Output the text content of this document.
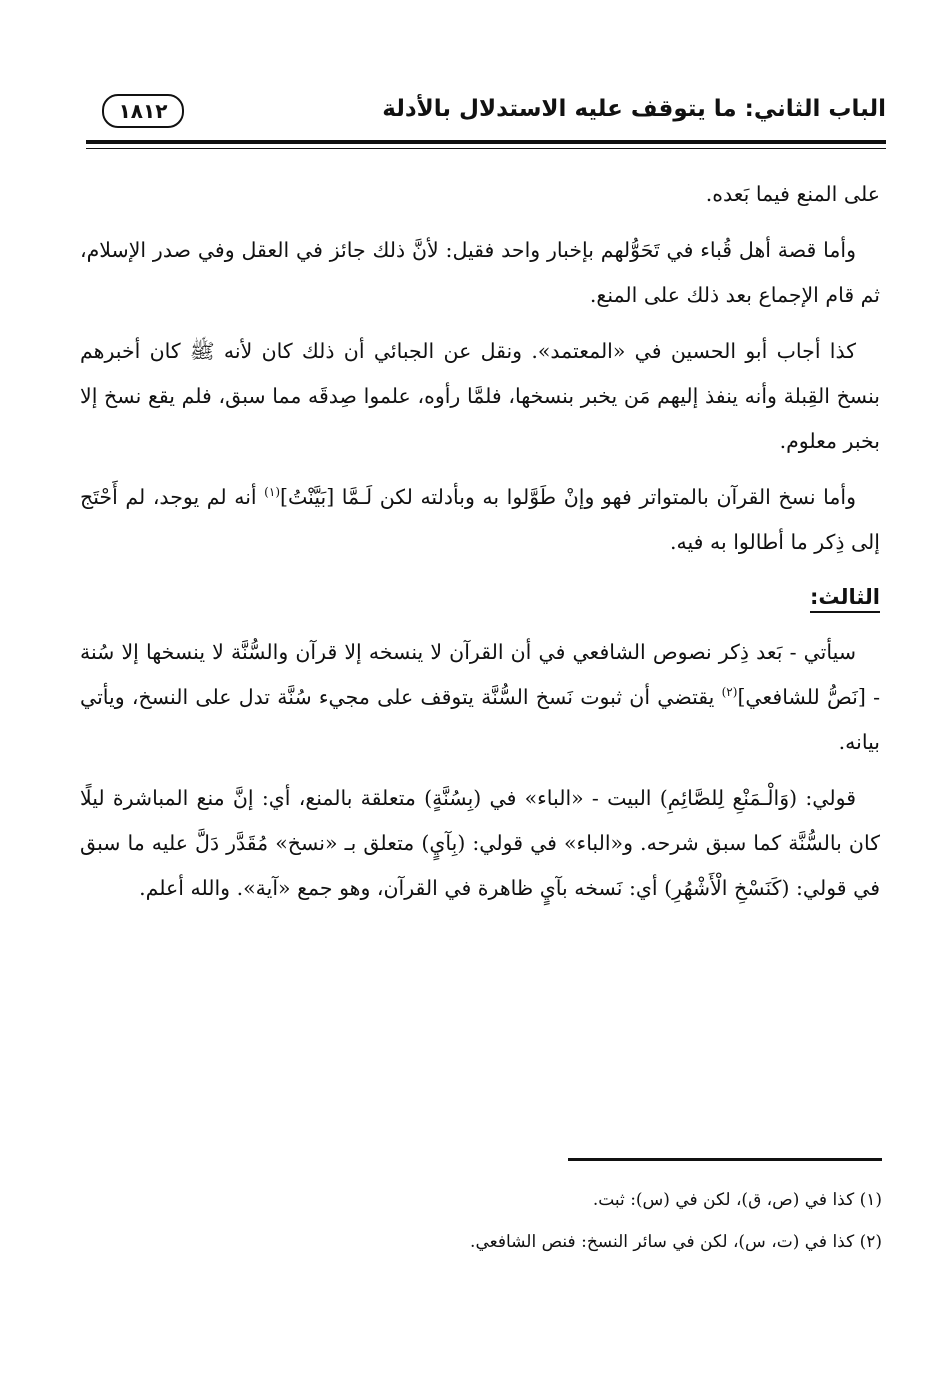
الباب الثاني: ما يتوقف عليه الاستدلال بالأدلة
١٨١٢

على المنع فيما بَعده.

وأما قصة أهل قُباء في تَحَوُّلهم بإخبار واحد فقيل: لأنَّ ذلك جائز في العقل وفي صدر الإسلام، ثم قام الإجماع بعد ذلك على المنع.

كذا أجاب أبو الحسين في «المعتمد». ونقل عن الجبائي أن ذلك كان لأنه ﷺ كان أخبرهم بنسخ القِبلة وأنه ينفذ إليهم مَن يخبر بنسخها، فلمَّا رأوه، علموا صِدقَه مما سبق، فلم يقع نسخ إلا بخبر معلوم.

وأما نسخ القرآن بالمتواتر فهو وإنْ طَوَّلوا به وبأدلته لكن لَـمَّا [بَيَّنْتُ]$^{(١)}$ أنه لم يوجد، لم أَحْتَج إلى ذِكر ما أطالوا به فيه.

الثالث:

سيأتي - بَعد ذِكر نصوص الشافعي في أن القرآن لا ينسخه إلا قرآن والسُّنَّة لا ينسخها إلا سُنة - [نَصُّ للشافعي]$^{(٢)}$ يقتضي أن ثبوت نَسخ السُّنَّة يتوقف على مجيء سُنَّة تدل على النسخ، ويأتي بيانه.

قولي: (وَالْـمَنْعِ لِلصَّائِمِ) البيت - «الباء» في (بِسُنَّةٍ) متعلقة بالمنع، أي: إنَّ منع المباشرة ليلًا كان بالسُّنَّة كما سبق شرحه. و«الباء» في قولي: (بِآيٍ) متعلق بـ «نسخ» مُقَدَّر دَلَّ عليه ما سبق في قولي: (كَنَسْخِ الْأَشْهُرِ) أي: نَسخه بآيٍ ظاهرة في القرآن، وهو جمع «آية». والله أعلم.

(١) كذا في (ص، ق)، لكن في (س): ثبت.

(٢) كذا في (ت، س)، لكن في سائر النسخ: فنص الشافعي.
